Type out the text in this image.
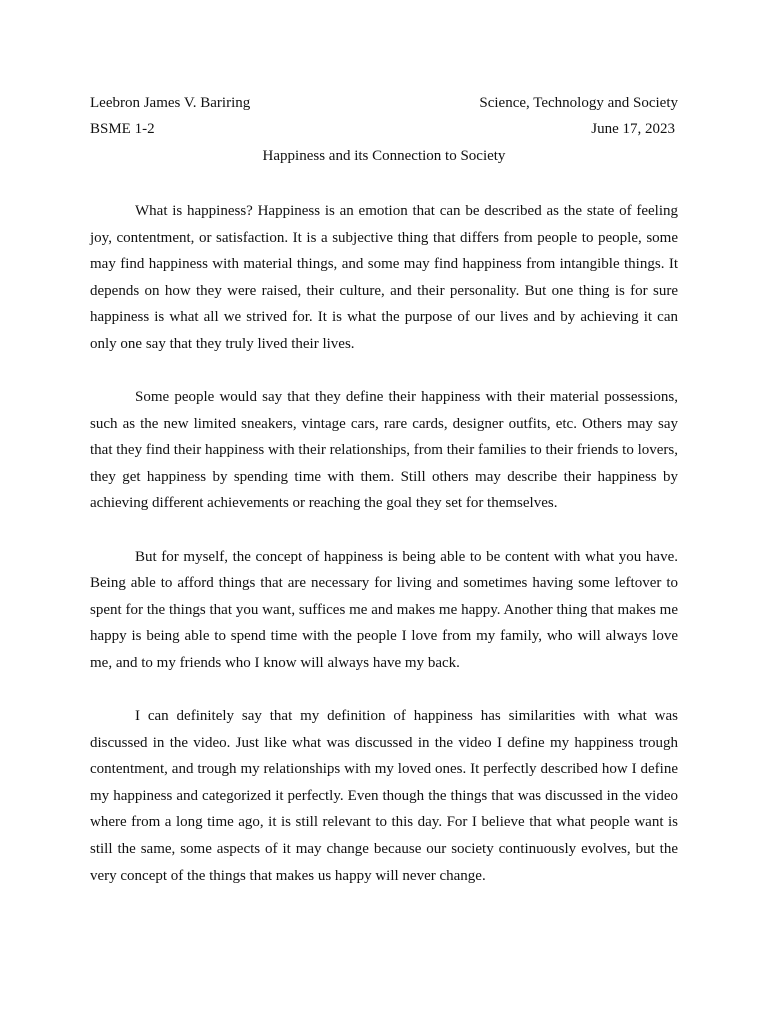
Leebron James V. Bariring	Science, Technology and Society
BSME 1-2	June 17, 2023
Happiness and its Connection to Society

What is happiness? Happiness is an emotion that can be described as the state of feeling joy, contentment, or satisfaction. It is a subjective thing that differs from people to people, some may find happiness with material things, and some may find happiness from intangible things. It depends on how they were raised, their culture, and their personality. But one thing is for sure happiness is what all we strived for. It is what the purpose of our lives and by achieving it can only one say that they truly lived their lives.

Some people would say that they define their happiness with their material possessions, such as the new limited sneakers, vintage cars, rare cards, designer outfits, etc. Others may say that they find their happiness with their relationships, from their families to their friends to lovers, they get happiness by spending time with them. Still others may describe their happiness by achieving different achievements or reaching the goal they set for themselves.

But for myself, the concept of happiness is being able to be content with what you have. Being able to afford things that are necessary for living and sometimes having some leftover to spent for the things that you want, suffices me and makes me happy. Another thing that makes me happy is being able to spend time with the people I love from my family, who will always love me, and to my friends who I know will always have my back.

I can definitely say that my definition of happiness has similarities with what was discussed in the video. Just like what was discussed in the video I define my happiness trough contentment, and trough my relationships with my loved ones. It perfectly described how I define my happiness and categorized it perfectly. Even though the things that was discussed in the video where from a long time ago, it is still relevant to this day. For I believe that what people want is still the same, some aspects of it may change because our society continuously evolves, but the very concept of the things that makes us happy will never change.
